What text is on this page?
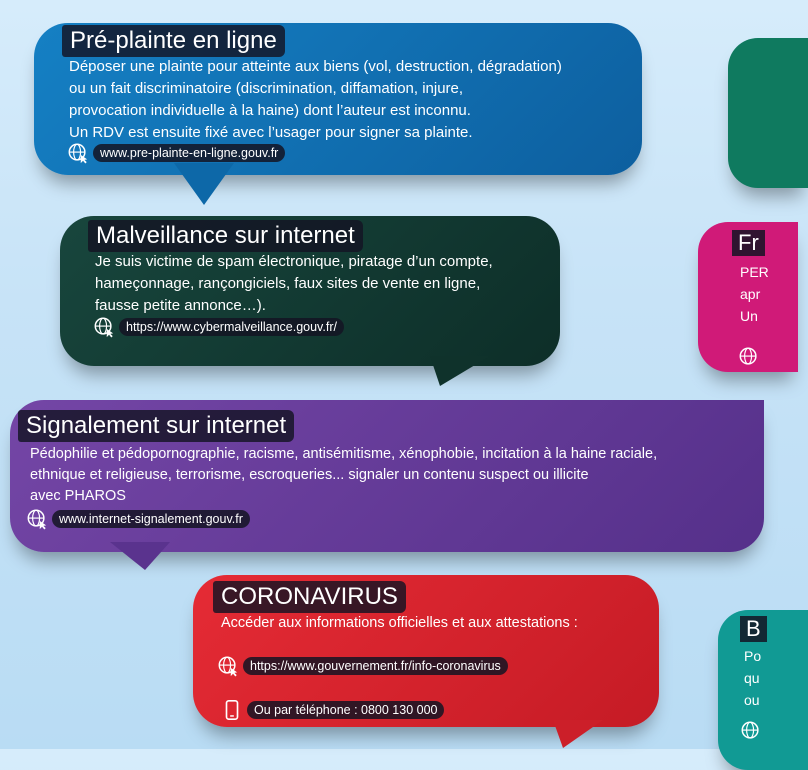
Fr
PER
apr
Un
B
Po
qu
ou
Pré-plainte en ligne
Déposer une plainte pour atteinte aux biens (vol, destruction, dégradation)
ou un fait discriminatoire (discrimination, diffamation, injure,
provocation individuelle à la haine) dont l’auteur est inconnu.
Un RDV est ensuite fixé avec l’usager pour signer sa plainte.
www.pre-plainte-en-ligne.gouv.fr
Malveillance sur internet
Je suis victime de spam électronique, piratage d’un compte,
hameçonnage, rançongiciels, faux sites de vente en ligne,
fausse petite annonce…).
https://www.cybermalveillance.gouv.fr/
Signalement sur internet
Pédophilie et pédopornographie, racisme, antisémitisme, xénophobie, incitation à la haine raciale,
ethnique et religieuse, terrorisme, escroqueries... signaler un contenu suspect ou illicite
avec PHAROS
www.internet-signalement.gouv.fr
CORONAVIRUS
Accéder aux informations officielles et aux attestations :
https://www.gouvernement.fr/info-coronavirus
Ou par téléphone : 0800 130 000
